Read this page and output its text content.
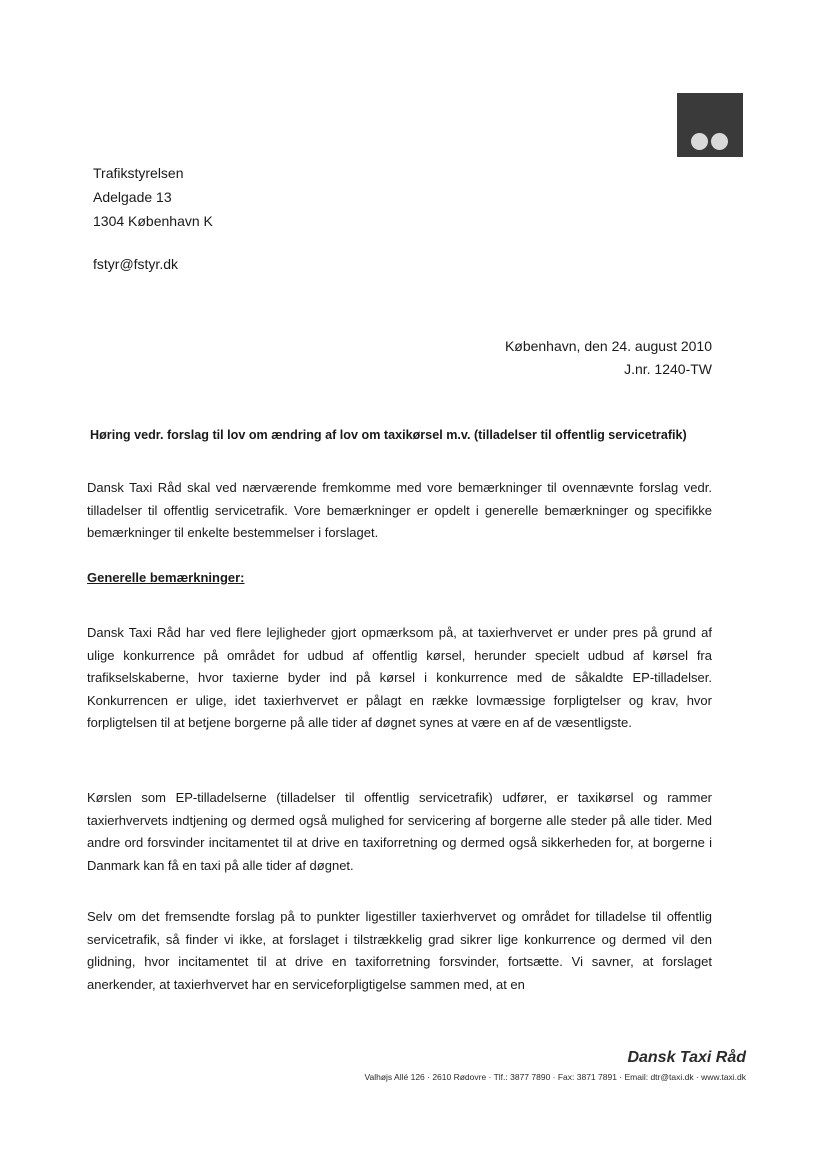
Trafikstyrelsen
Adelgade 13
1304 København K
fstyr@fstyr.dk
København, den 24. august 2010
J.nr. 1240-TW
Høring vedr. forslag til lov om ændring af lov om taxikørsel m.v. (tilladelser til offentlig servicetrafik)
Dansk Taxi Råd skal ved nærværende fremkomme med vore bemærkninger til ovennævnte forslag vedr. tilladelser til offentlig servicetrafik. Vore bemærkninger er opdelt i generelle bemærkninger og specifikke bemærkninger til enkelte bestemmelser i forslaget.
Generelle bemærkninger:
Dansk Taxi Råd har ved flere lejligheder gjort opmærksom på, at taxierhvervet er under pres på grund af ulige konkurrence på området for udbud af offentlig kørsel, herunder specielt udbud af kørsel fra trafikselskaberne, hvor taxierne byder ind på kørsel i konkurrence med de såkaldte EP-tilladelser. Konkurrencen er ulige, idet taxierhvervet er pålagt en række lovmæssige forpligtelser og krav, hvor forpligtelsen til at betjene borgerne på alle tider af døgnet synes at være en af de væsentligste.
Kørslen som EP-tilladelserne (tilladelser til offentlig servicetrafik) udfører, er taxikørsel og rammer taxierhvervets indtjening og dermed også mulighed for servicering af borgerne alle steder på alle tider. Med andre ord forsvinder incitamentet til at drive en taxiforretning og dermed også sikkerheden for, at borgerne i Danmark kan få en taxi på alle tider af døgnet.
Selv om det fremsendte forslag på to punkter ligestiller taxierhvervet og området for tilladelse til offentlig servicetrafik, så finder vi ikke, at forslaget i tilstrækkelig grad sikrer lige konkurrence og dermed vil den glidning, hvor incitamentet til at drive en taxiforretning forsvinder, fortsætte. Vi savner, at forslaget anerkender, at taxierhvervet har en serviceforpligtigelse sammen med, at en
Dansk Taxi Råd
Valhøjs Allé 126 · 2610 Rødovre · Tlf.: 3877 7890 · Fax: 3871 7891 · Email: dtr@taxi.dk · www.taxi.dk
